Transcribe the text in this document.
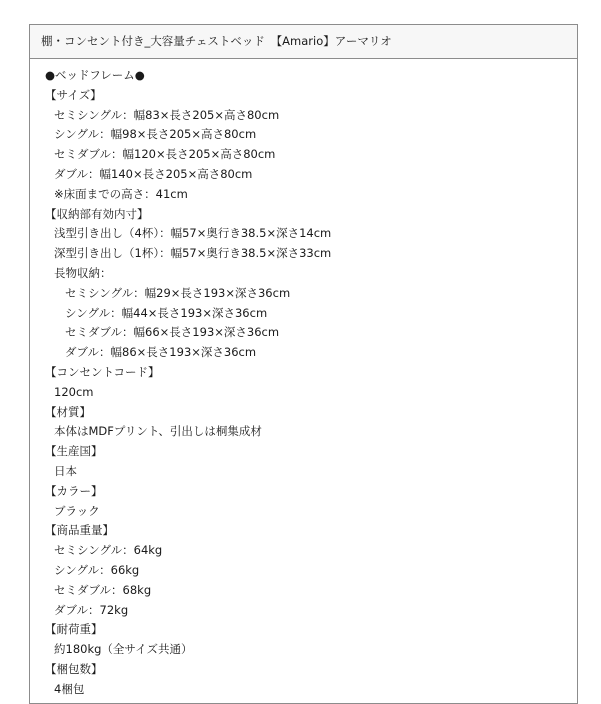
棚・コンセント付き_大容量チェストベッド　【Amario】アーマリオ
●ベッドフレーム●
【サイズ】
セミシングル：幅83×長さ205×高さ80cm
シングル：幅98×長さ205×高さ80cm
セミダブル：幅120×長さ205×高さ80cm
ダブル：幅140×長さ205×高さ80cm
※床面までの高さ：41cm
【収納部有効内寸】
浅型引き出し（4杯）：幅57×奥行き38.5×深さ14cm
深型引き出し（1杯）：幅57×奥行き38.5×深さ33cm
長物収納：
セミシングル：幅29×長さ193×深さ36cm
シングル：幅44×長さ193×深さ36cm
セミダブル：幅66×長さ193×深さ36cm
ダブル：幅86×長さ193×深さ36cm
【コンセントコード】
120cm
【材質】
本体はMDFプリント、引出しは桐集成材
【生産国】
日本
【カラー】
ブラック
【商品重量】
セミシングル：64kg
シングル：66kg
セミダブル：68kg
ダブル：72kg
【耐荷重】
約180kg（全サイズ共通）
【梱包数】
4梱包
